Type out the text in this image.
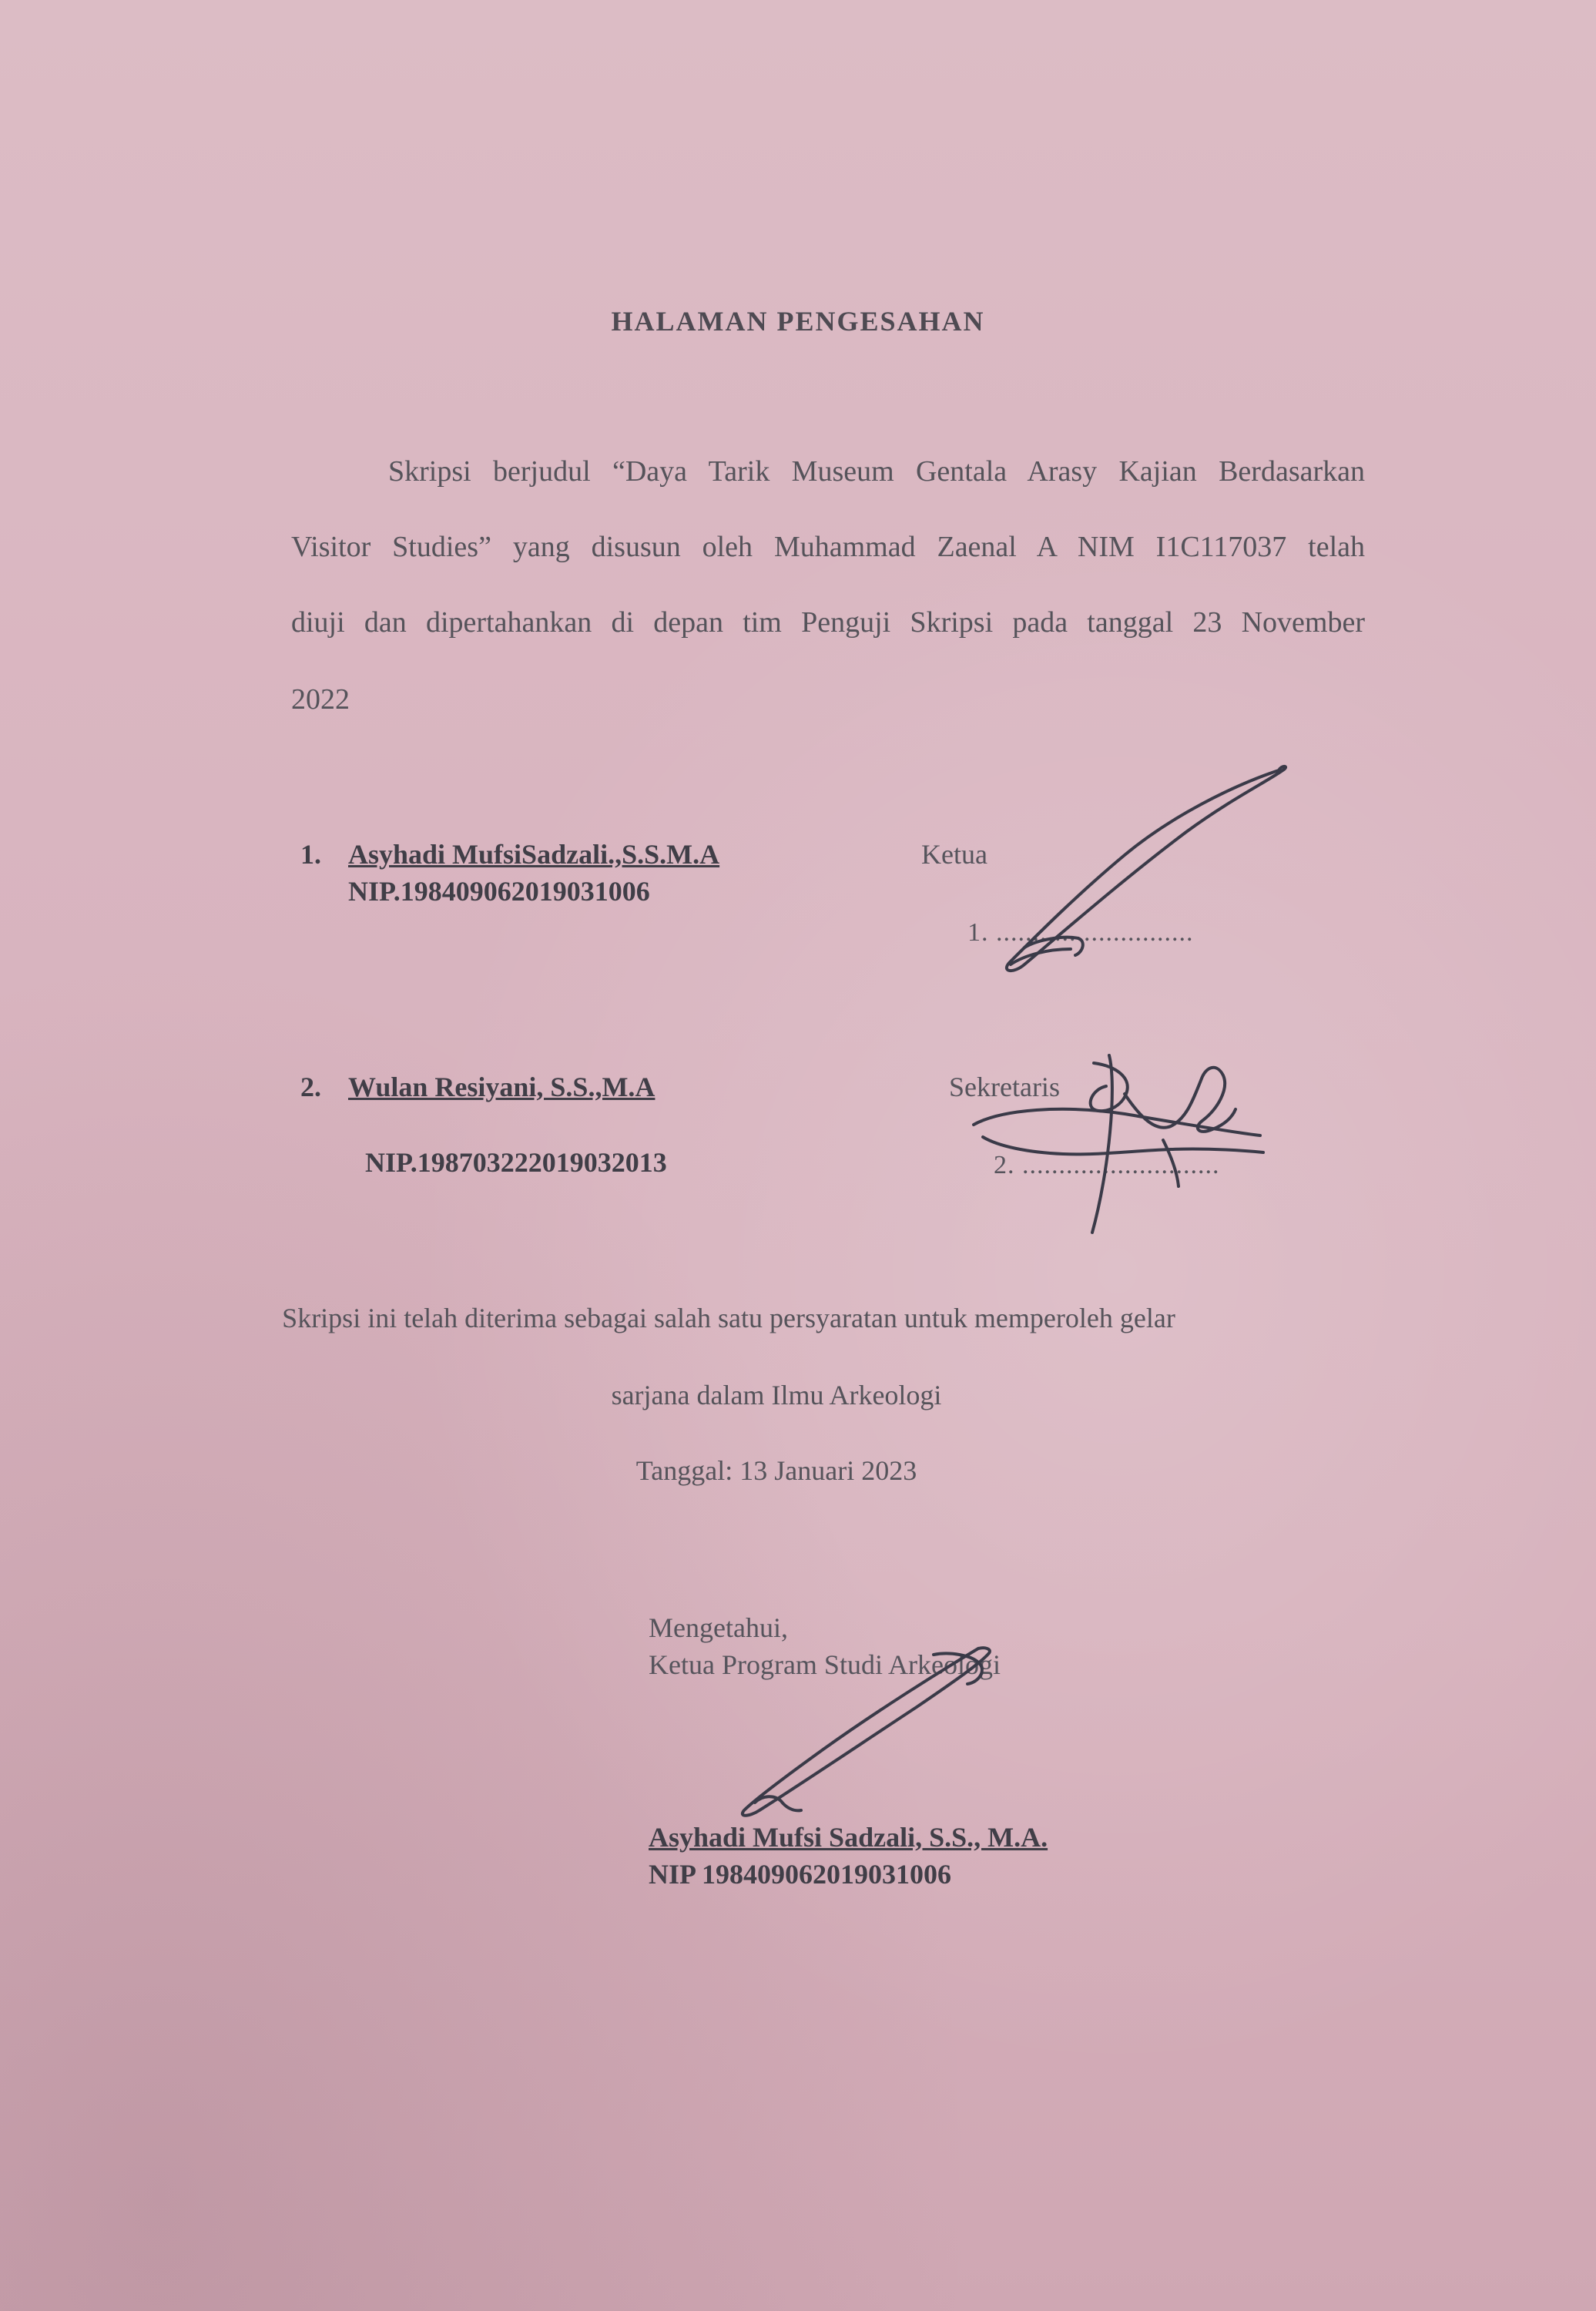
HALAMAN PENGESAHAN
Skripsi berjudul “Daya Tarik Museum Gentala Arasy Kajian Berdasarkan
Visitor Studies” yang disusun oleh Muhammad Zaenal A NIM I1C117037 telah
diuji dan dipertahankan di depan tim Penguji Skripsi pada tanggal 23 November
2022
1. Asyhadi MufsiSadzali.,S.S.M.A
NIP.198409062019031006
Ketua
1. ...........................
2. Wulan Resiyani, S.S.,M.A
NIP.198703222019032013
Sekretaris
2. ...........................
Skripsi ini telah diterima sebagai salah satu persyaratan untuk memperoleh gelar
sarjana dalam Ilmu Arkeologi
Tanggal: 13 Januari 2023
Mengetahui,
Ketua Program Studi Arkeologi
Asyhadi Mufsi Sadzali, S.S., M.A.
NIP 198409062019031006
